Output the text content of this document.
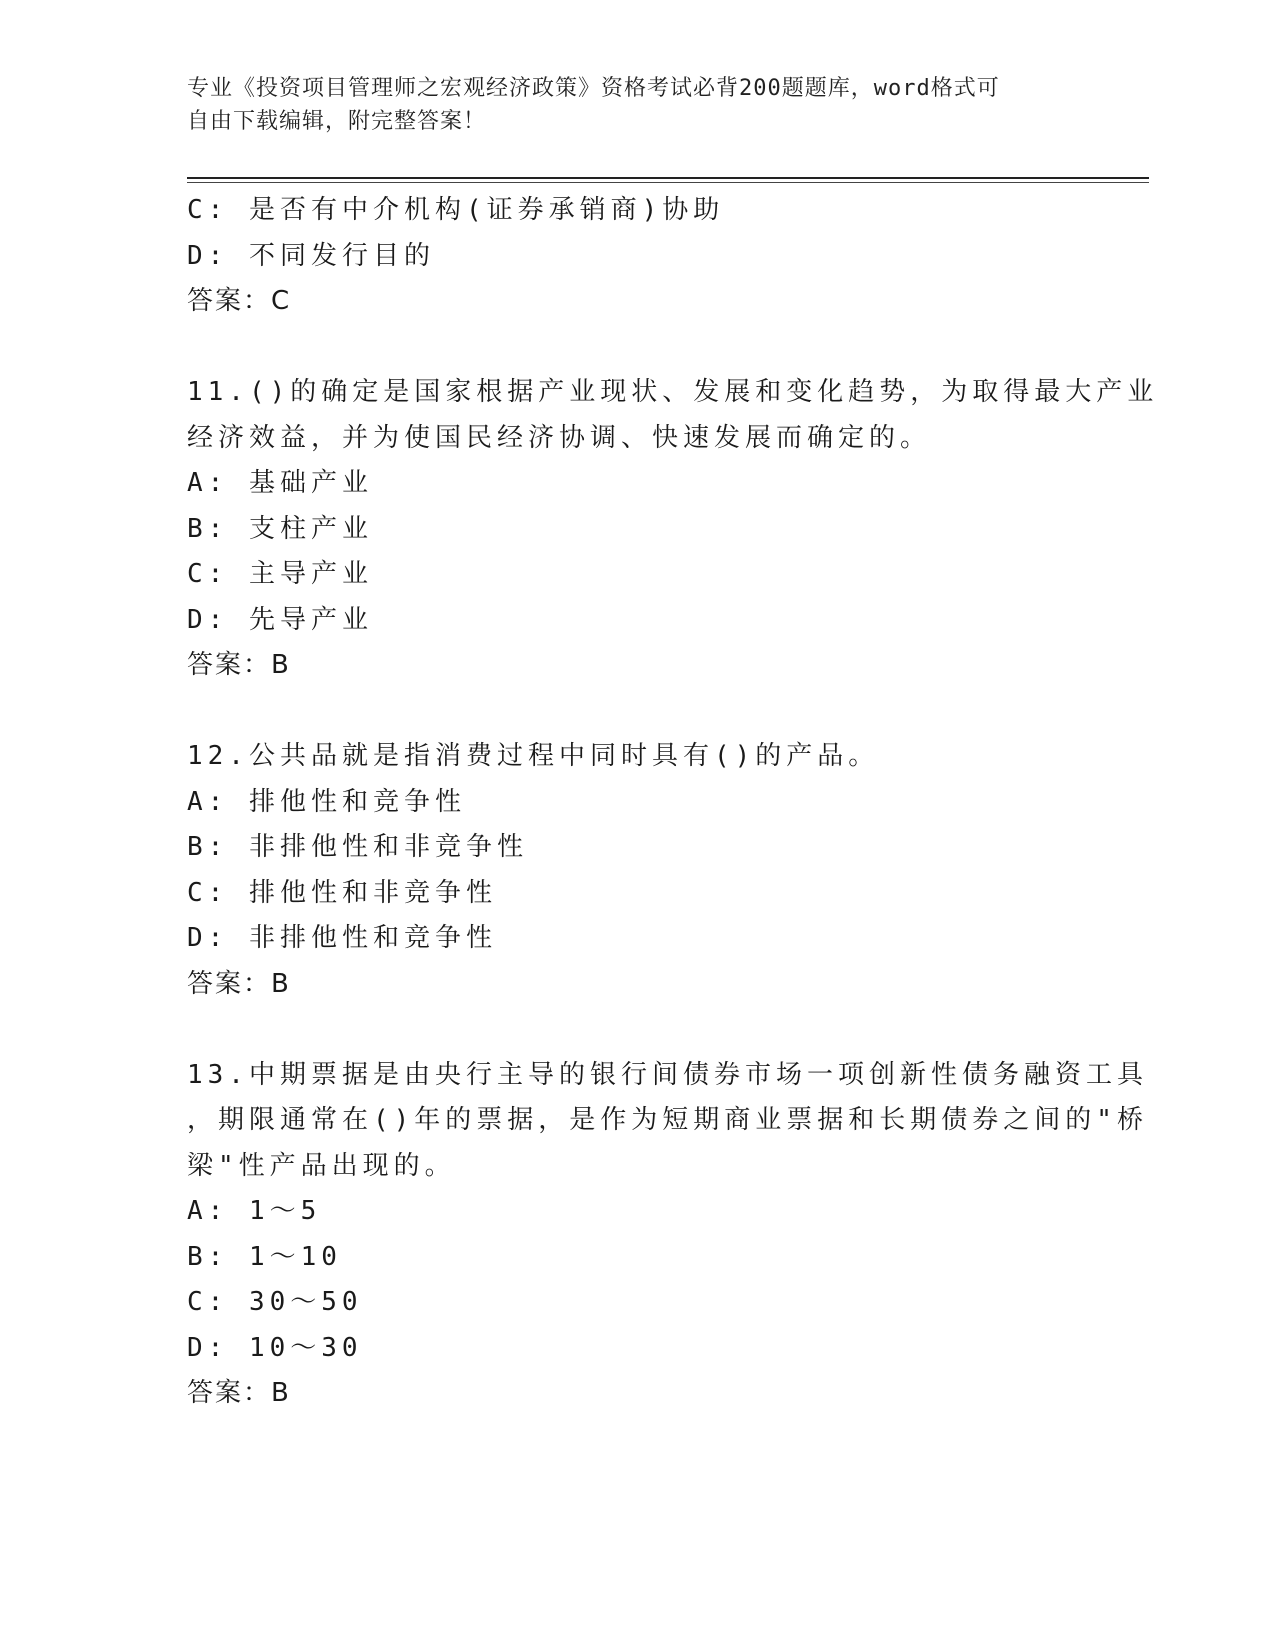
专业《投资项目管理师之宏观经济政策》资格考试必背200题题库，word格式可
自由下载编辑，附完整答案！
C: 是否有中介机构(证券承销商)协助
D: 不同发行目的
答案：C
11.()的确定是国家根据产业现状、发展和变化趋势，为取得最大产业
经济效益，并为使国民经济协调、快速发展而确定的。
A: 基础产业
B: 支柱产业
C: 主导产业
D: 先导产业
答案：B
12.公共品就是指消费过程中同时具有()的产品。
A: 排他性和竞争性
B: 非排他性和非竞争性
C: 排他性和非竞争性
D: 非排他性和竞争性
答案：B
13.中期票据是由央行主导的银行间债券市场一项创新性债务融资工具
，期限通常在()年的票据，是作为短期商业票据和长期债券之间的"桥
梁"性产品出现的。
A: 1～5
B: 1～10
C: 30～50
D: 10～30
答案：B
